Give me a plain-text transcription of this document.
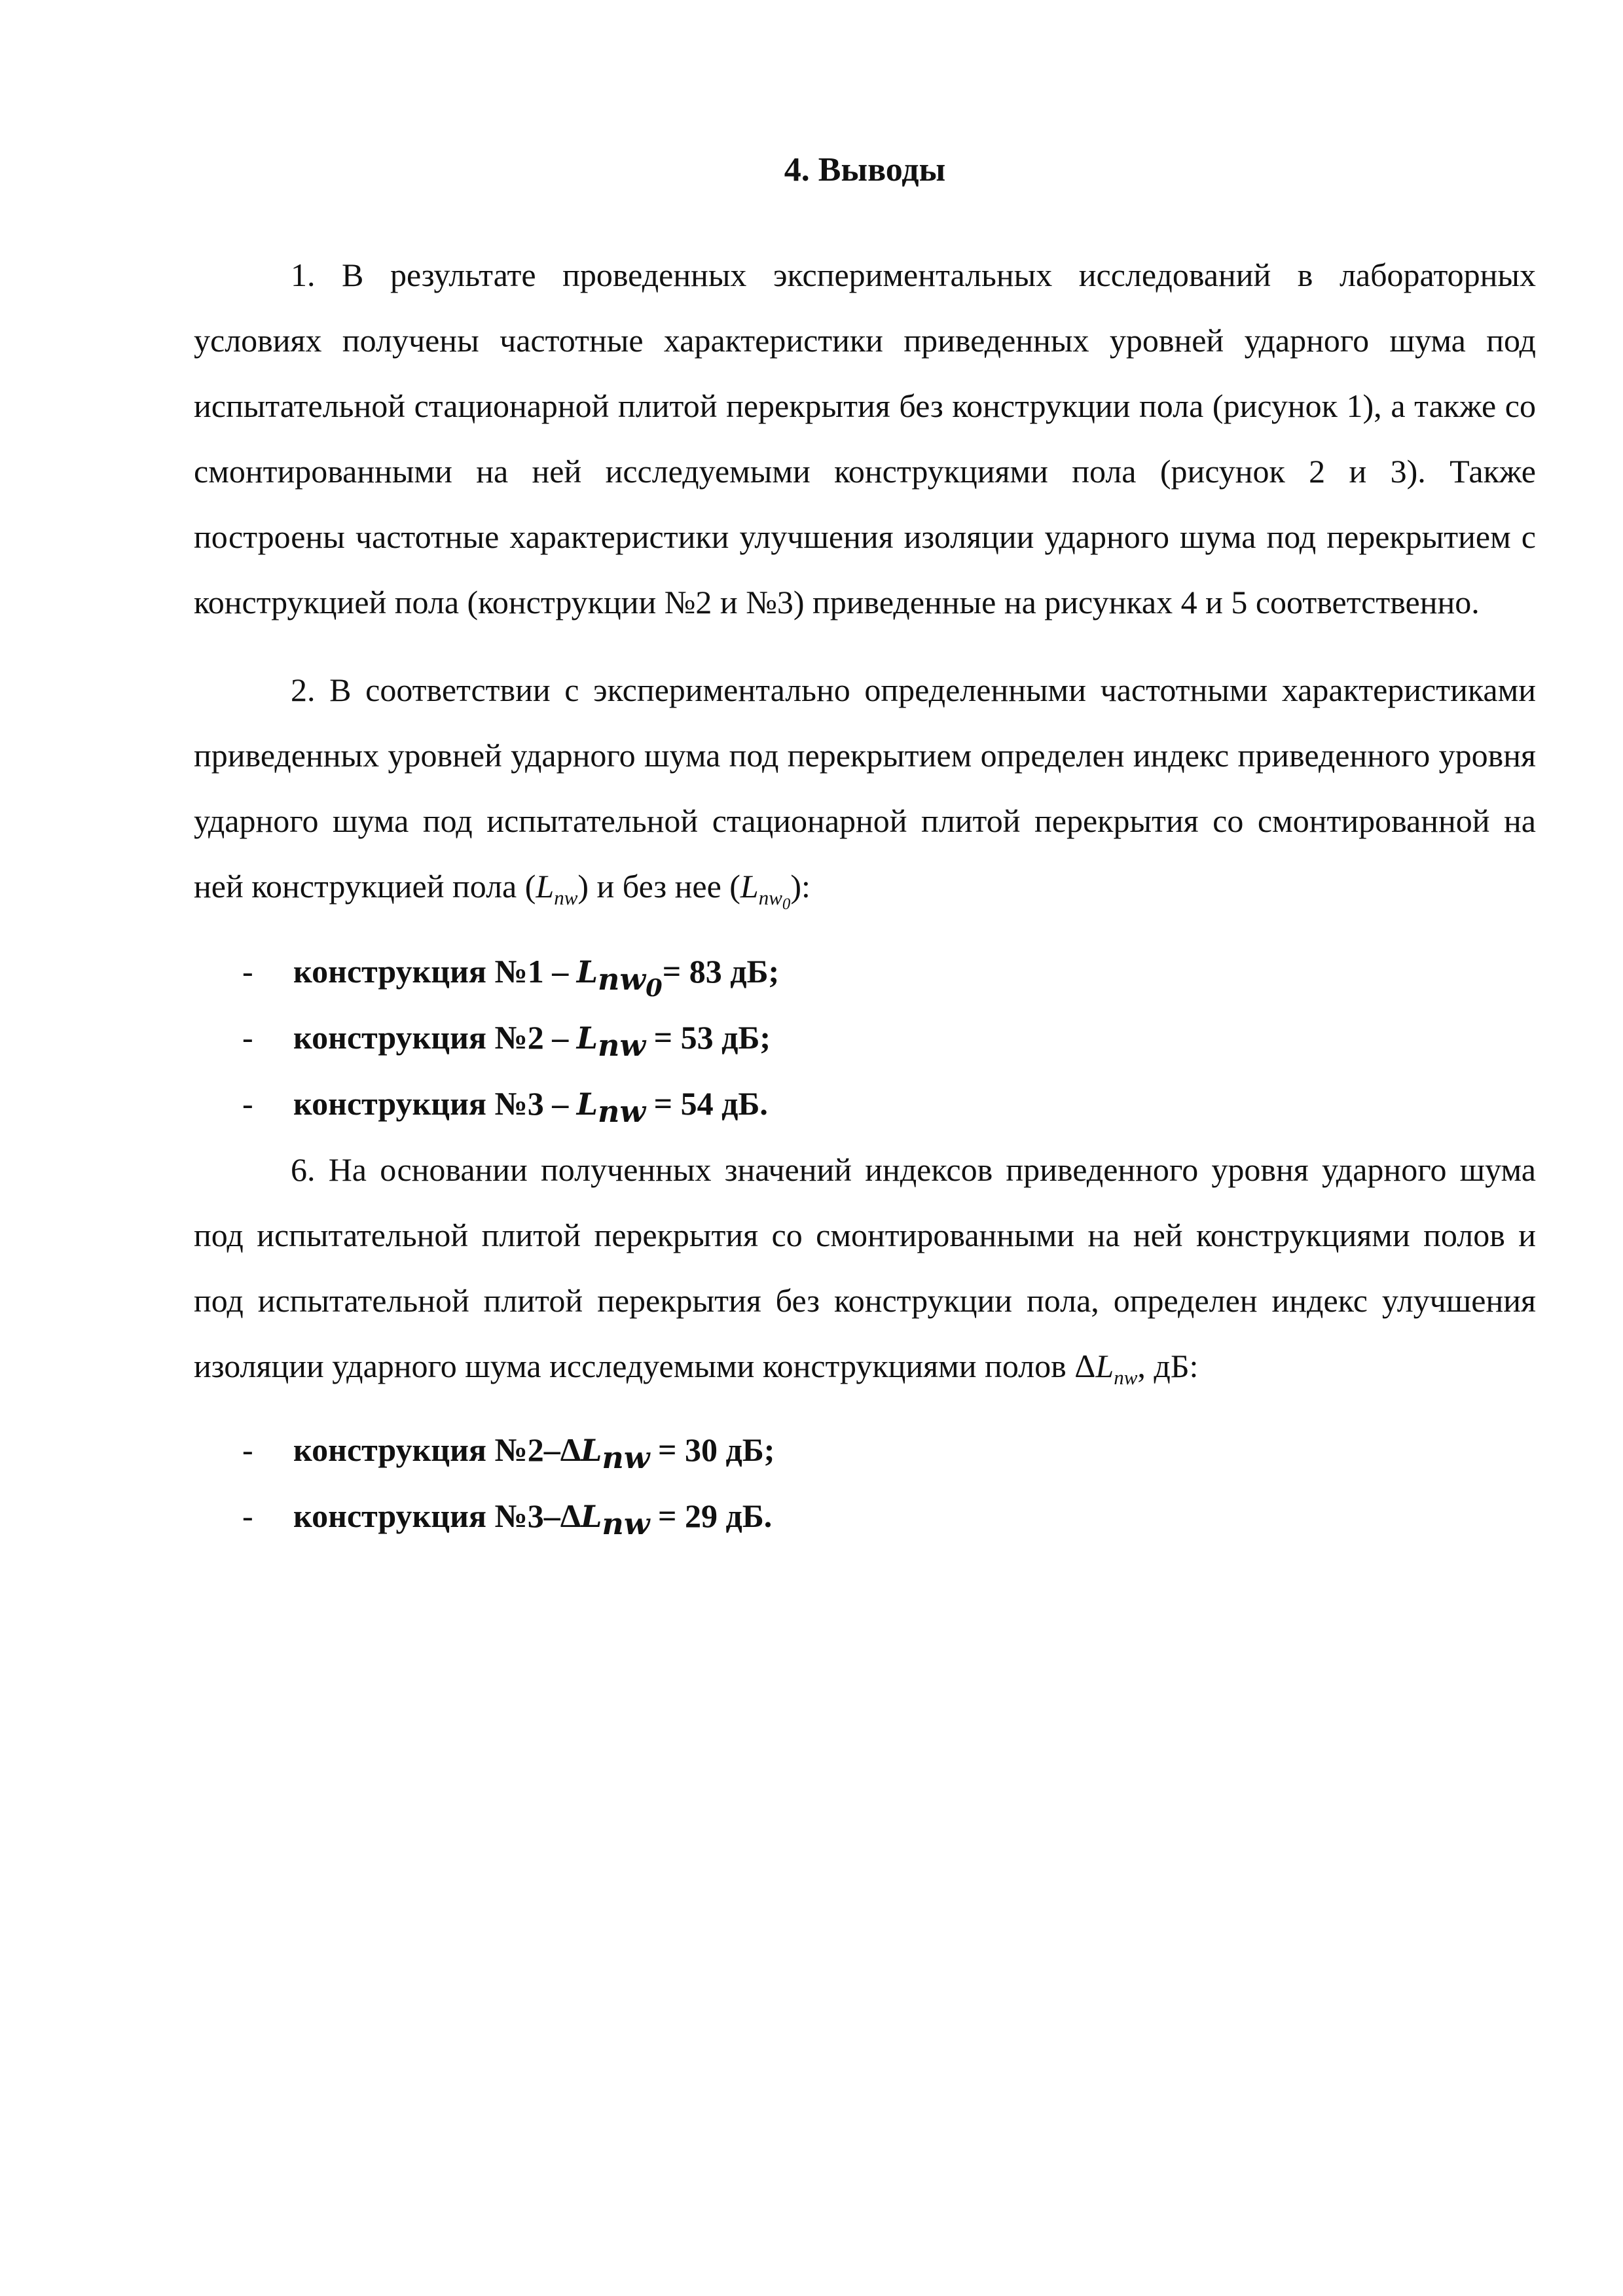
4. Выводы

1. В результате проведенных экспериментальных исследований в лабораторных условиях получены частотные характеристики приведенных уровней ударного шума под испытательной стационарной плитой перекрытия без конструкции пола (рисунок 1), а также со смонтированными на ней исследуемыми конструкциями пола (рисунок 2 и 3). Также построены частотные характеристики улучшения изоляции ударного шума под перекрытием с конструкцией пола (конструкции №2 и №3) приведенные на рисунках 4 и 5 соответственно.

2. В соответствии с экспериментально определенными частотными характеристиками приведенных уровней ударного шума под перекрытием определен индекс приведенного уровня ударного шума под испытательной стационарной плитой перекрытия со смонтированной на ней конструкцией пола $(L_{nw})$ и без нее $(L_{nw_0})$:

- конструкция №1 – $L_{nw_0}= 83$ дБ;
- конструкция №2 – $L_{nw} = 53$ дБ;
- конструкция №3 – $L_{nw} = 54$ дБ.

6. На основании полученных значений индексов приведенного уровня ударного шума под испытательной плитой перекрытия со смонтированными на ней конструкциями полов и под испытательной плитой перекрытия без конструкции пола, определен индекс улучшения изоляции ударного шума исследуемыми конструкциями полов $\Delta L_{nw}$, дБ:

- конструкция $№2-\Delta L_{nw} = 30$ дБ;
- конструкция $№3-\Delta L_{nw} = 29$ дБ.
